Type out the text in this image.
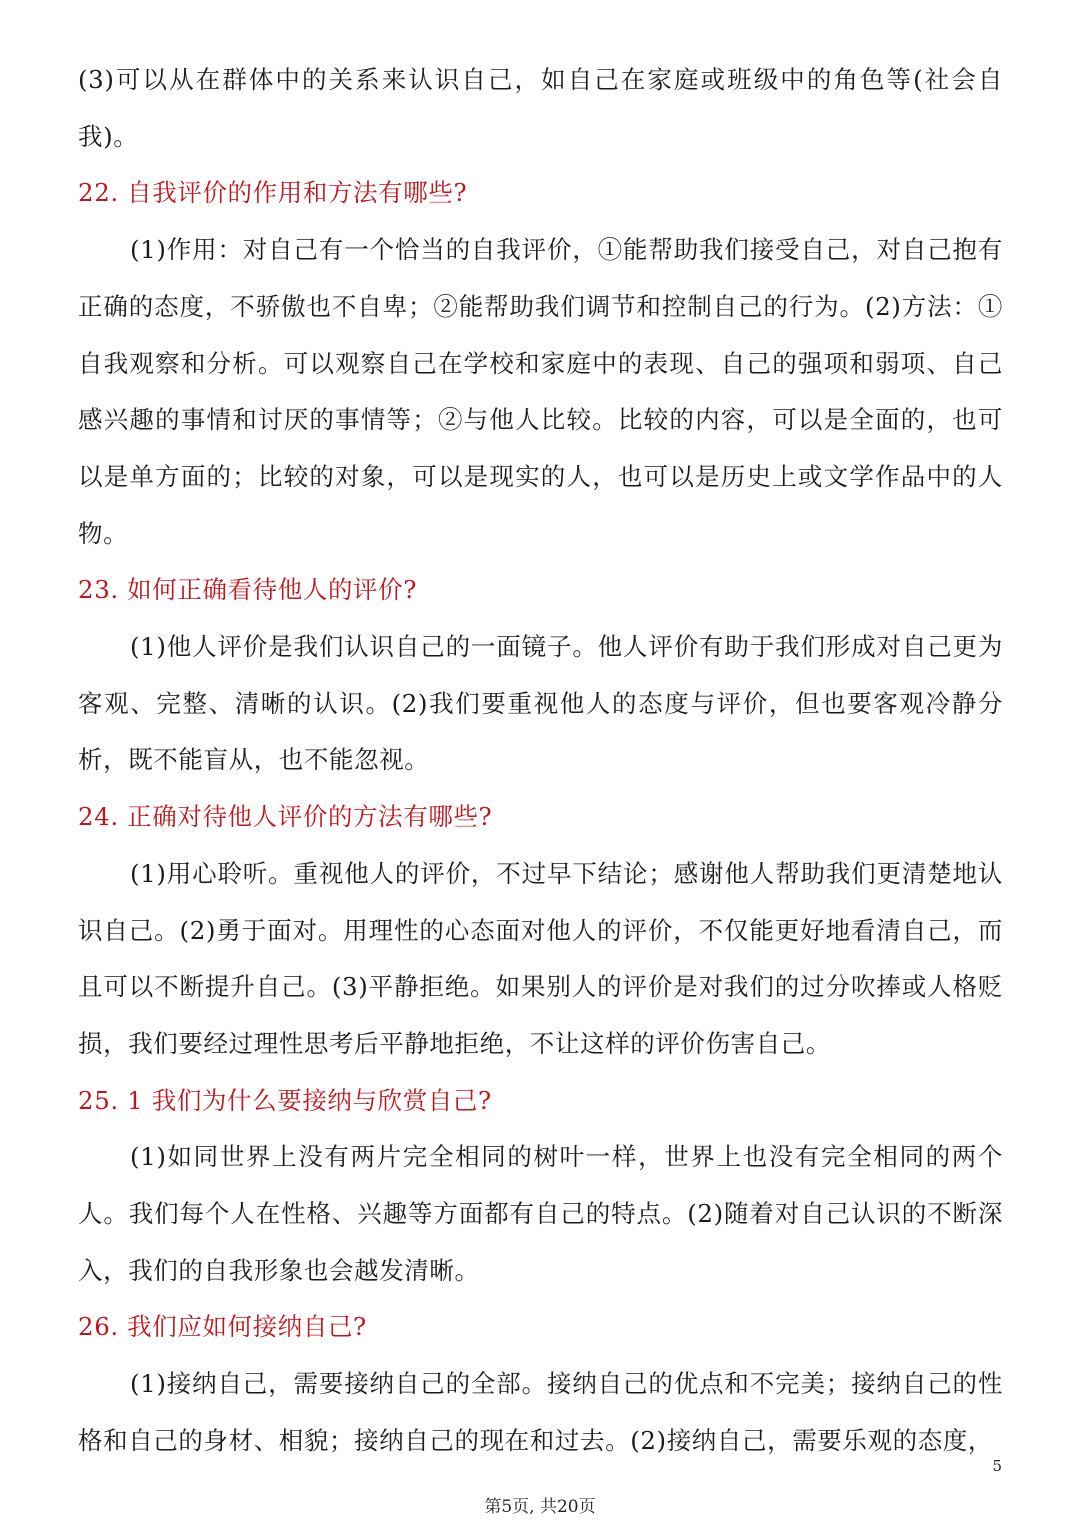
(3)可以从在群体中的关系来认识自己，如自己在家庭或班级中的角色等(社会自我)。

22. 自我评价的作用和方法有哪些?

(1)作用：对自己有一个恰当的自我评价，①能帮助我们接受自己，对自己抱有正确的态度，不骄傲也不自卑；②能帮助我们调节和控制自己的行为。(2)方法：①自我观察和分析。可以观察自己在学校和家庭中的表现、自己的强项和弱项、自己感兴趣的事情和讨厌的事情等；②与他人比较。比较的内容，可以是全面的，也可以是单方面的；比较的对象，可以是现实的人，也可以是历史上或文学作品中的人物。

23. 如何正确看待他人的评价?

(1)他人评价是我们认识自己的一面镜子。他人评价有助于我们形成对自己更为客观、完整、清晰的认识。(2)我们要重视他人的态度与评价，但也要客观冷静分析，既不能盲从，也不能忽视。

24. 正确对待他人评价的方法有哪些?

(1)用心聆听。重视他人的评价，不过早下结论；感谢他人帮助我们更清楚地认识自己。(2)勇于面对。用理性的心态面对他人的评价，不仅能更好地看清自己，而且可以不断提升自己。(3)平静拒绝。如果别人的评价是对我们的过分吹捧或人格贬损，我们要经过理性思考后平静地拒绝，不让这样的评价伤害自己。

25. 1 我们为什么要接纳与欣赏自己?

(1)如同世界上没有两片完全相同的树叶一样，世界上也没有完全相同的两个人。我们每个人在性格、兴趣等方面都有自己的特点。(2)随着对自己认识的不断深入，我们的自我形象也会越发清晰。

26. 我们应如何接纳自己?

(1)接纳自己，需要接纳自己的全部。接纳自己的优点和不完美；接纳自己的性格和自己的身材、相貌；接纳自己的现在和过去。(2)接纳自己，需要乐观的态度，

5
第5页, 共20页
